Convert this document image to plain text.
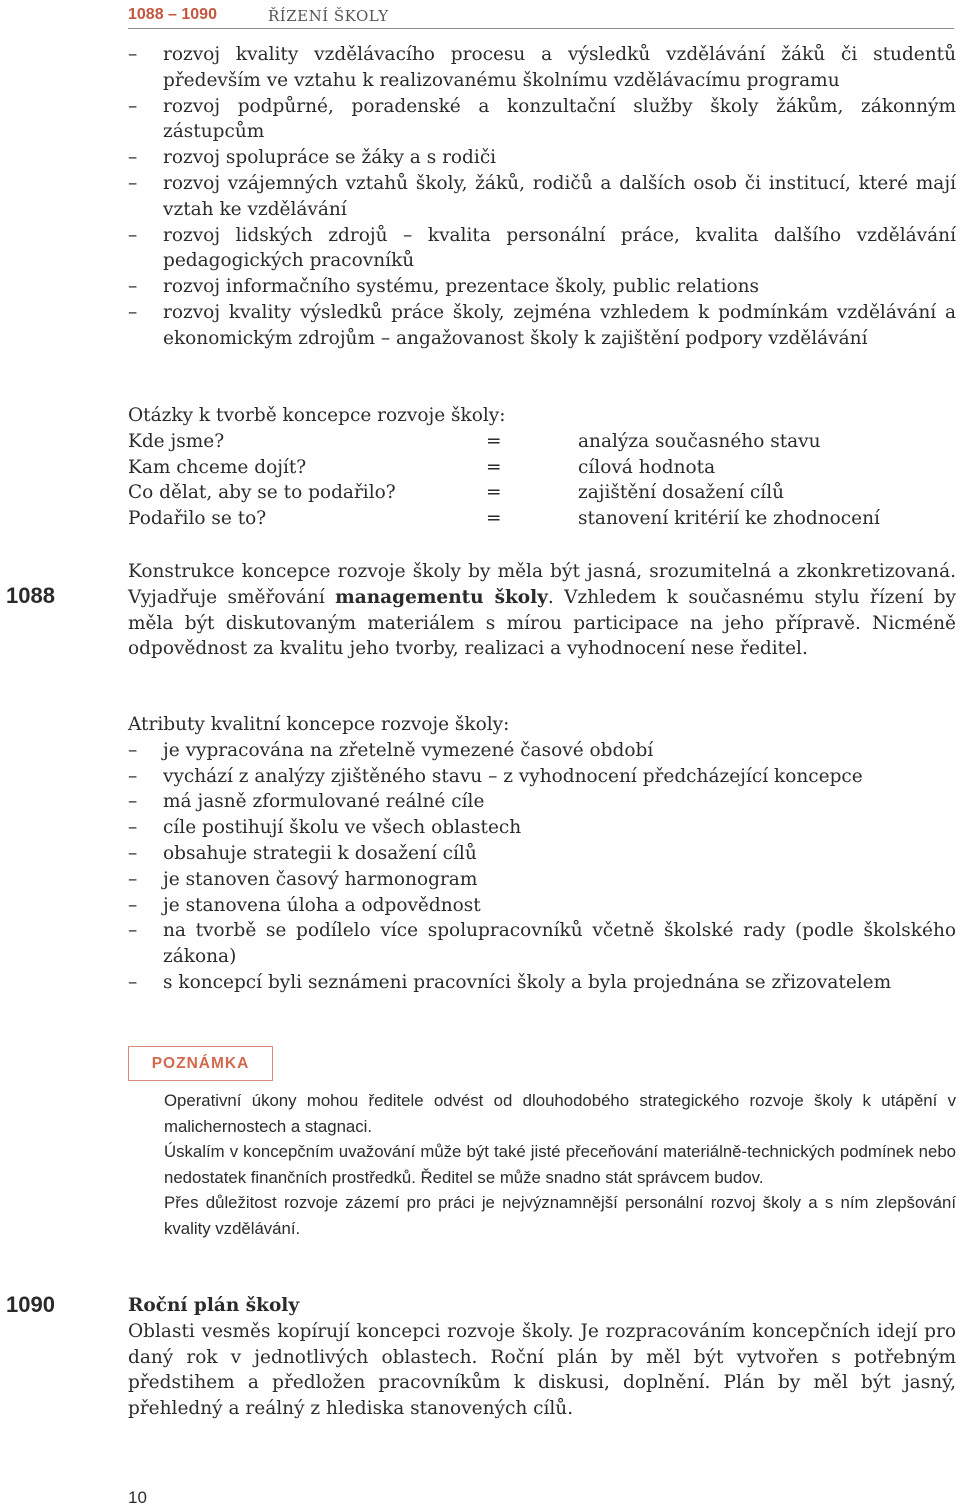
1088 – 1090	ŘÍZENÍ ŠKOLY
– rozvoj kvality vzdělávacího procesu a výsledků vzdělávání žáků či studentů především ve vztahu k realizovanému školnímu vzdělávacímu programu
– rozvoj podpůrné, poradenské a konzultační služby školy žákům, zákonným zástupcům
– rozvoj spolupráce se žáky a s rodiči
– rozvoj vzájemných vztahů školy, žáků, rodičů a dalších osob či institucí, které mají vztah ke vzdělávání
– rozvoj lidských zdrojů – kvalita personální práce, kvalita dalšího vzdělávání pedagogických pracovníků
– rozvoj informačního systému, prezentace školy, public relations
– rozvoj kvality výsledků práce školy, zejména vzhledem k podmínkám vzdělávání a ekonomickým zdrojům – angažovanost školy k zajištění podpory vzdělávání
Otázky k tvorbě koncepce rozvoje školy:
Kde jsme?	=	analýza současného stavu
Kam chceme dojít?	=	cílová hodnota
Co dělat, aby se to podařilo?	=	zajištění dosažení cílů
Podařilo se to?	=	stanovení kritérií ke zhodnocení
1088

Konstrukce koncepce rozvoje školy by měla být jasná, srozumitelná a zkonkretizovaná. Vyjadřuje směřování managementu školy. Vzhledem k současnému stylu řízení by měla být diskutovaným materiálem s mírou participace na jeho přípravě. Nicméně odpovědnost za kvalitu jeho tvorby, realizaci a vyhodnocení nese ředitel.

Atributy kvalitní koncepce rozvoje školy:
– je vypracována na zřetelně vymezené časové období
– vychází z analýzy zjištěného stavu – z vyhodnocení předcházející koncepce
– má jasně zformulované reálné cíle
– cíle postihují školu ve všech oblastech
– obsahuje strategii k dosažení cílů
– je stanoven časový harmonogram
– je stanovena úloha a odpovědnost
– na tvorbě se podílelo více spolupracovníků včetně školské rady (podle školského zákona)
– s koncepcí byli seznámeni pracovníci školy a byla projednána se zřizovatelem
POZNÁMKA

Operativní úkony mohou ředitele odvést od dlouhodobého strategického rozvoje školy k utápění v malichernostech a stagnaci.

Úskalím v koncepčním uvažování může být také jisté přeceňování materiálně-technických podmínek nebo nedostatek finančních prostředků. Ředitel se může snadno stát správcem budov.

Přes důležitost rozvoje zázemí pro práci je nejvýznamnější personální rozvoj školy a s ním zlepšování kvality vzdělávání.

1090	Roční plán školy

Oblasti vesměs kopírují koncepci rozvoje školy. Je rozpracováním koncepčních idejí pro daný rok v jednotlivých oblastech. Roční plán by měl být vytvořen s potřebným předstihem a předložen pracovníkům k diskusi, doplnění. Plán by měl být jasný, přehledný a reálný z hlediska stanovených cílů.

10
